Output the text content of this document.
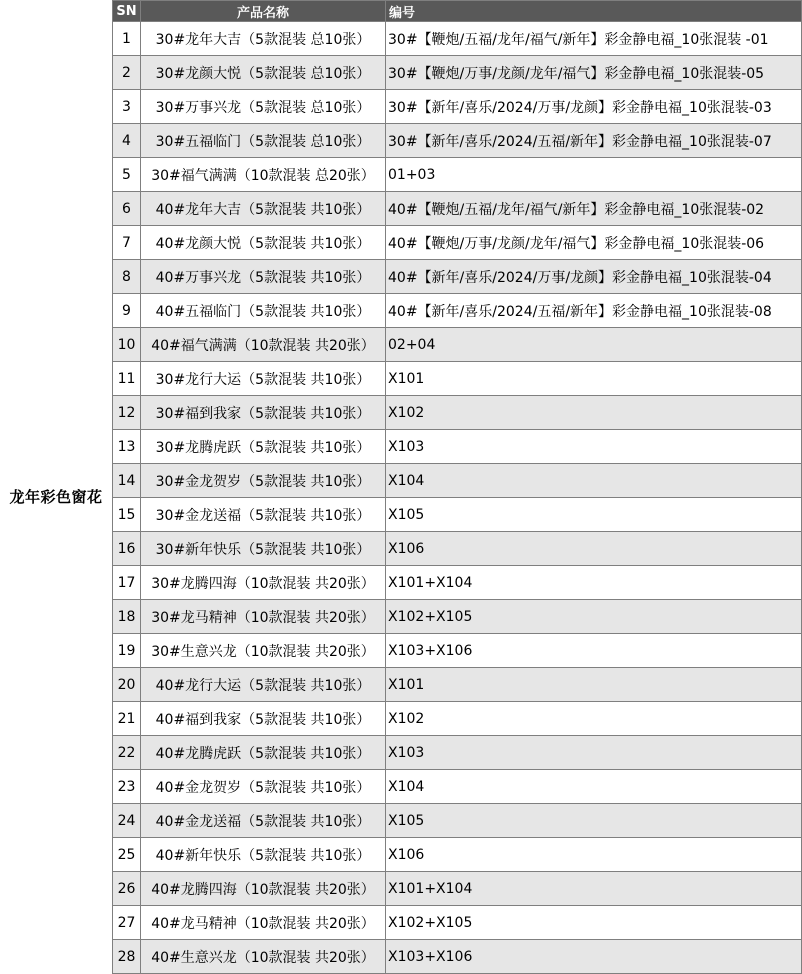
龙年彩色窗花
SN	产品名称	编号
1	30#龙年大吉（5款混装 总10张）	30#【鞭炮/五福/龙年/福气/新年】彩金静电福_10张混装 -01
2	30#龙颜大悦（5款混装 总10张）	30#【鞭炮/万事/龙颜/龙年/福气】彩金静电福_10张混装-05
3	30#万事兴龙（5款混装 总10张）	30#【新年/喜乐/2024/万事/龙颜】彩金静电福_10张混装-03
4	30#五福临门（5款混装 总10张）	30#【新年/喜乐/2024/五福/新年】彩金静电福_10张混装-07
5	30#福气满满（10款混装 总20张）	01+03
6	40#龙年大吉（5款混装 共10张）	40#【鞭炮/五福/龙年/福气/新年】彩金静电福_10张混装-02
7	40#龙颜大悦（5款混装 共10张）	40#【鞭炮/万事/龙颜/龙年/福气】彩金静电福_10张混装-06
8	40#万事兴龙（5款混装 共10张）	40#【新年/喜乐/2024/万事/龙颜】彩金静电福_10张混装-04
9	40#五福临门（5款混装 共10张）	40#【新年/喜乐/2024/五福/新年】彩金静电福_10张混装-08
10	40#福气满满（10款混装 共20张）	02+04
11	30#龙行大运（5款混装 共10张）	X101
12	30#福到我家（5款混装 共10张）	X102
13	30#龙腾虎跃（5款混装 共10张）	X103
14	30#金龙贺岁（5款混装 共10张）	X104
15	30#金龙送福（5款混装 共10张）	X105
16	30#新年快乐（5款混装 共10张）	X106
17	30#龙腾四海（10款混装 共20张）	X101+X104
18	30#龙马精神（10款混装 共20张）	X102+X105
19	30#生意兴龙（10款混装 共20张）	X103+X106
20	40#龙行大运（5款混装 共10张）	X101
21	40#福到我家（5款混装 共10张）	X102
22	40#龙腾虎跃（5款混装 共10张）	X103
23	40#金龙贺岁（5款混装 共10张）	X104
24	40#金龙送福（5款混装 共10张）	X105
25	40#新年快乐（5款混装 共10张）	X106
26	40#龙腾四海（10款混装 共20张）	X101+X104
27	40#龙马精神（10款混装 共20张）	X102+X105
28	40#生意兴龙（10款混装 共20张）	X103+X106
